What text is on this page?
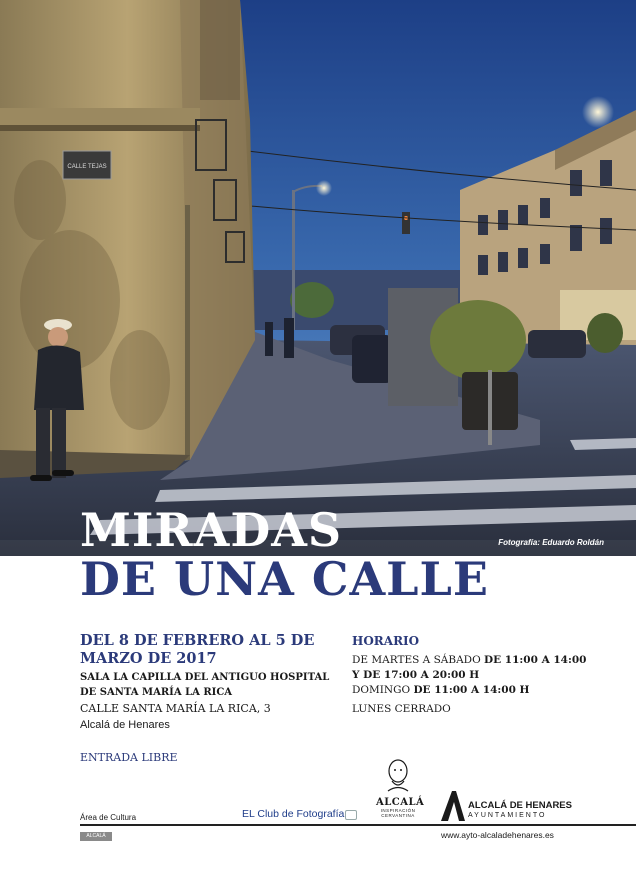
CALLE TEJAS
Fotografía: Eduardo Roldán
MIRADAS
DE UNA CALLE
DEL 8 DE FEBRERO AL 5 DE MARZO DE 2017
SALA LA CAPILLA DEL ANTIGUO HOSPITAL DE SANTA MARÍA LA RICA
CALLE SANTA MARÍA LA RICA, 3
Alcalá de Henares
ENTRADA LIBRE
HORARIO

DE MARTES A SÁBADO DE 11:00 A 14:00 Y DE 17:00 A 20:00 H

DOMINGO DE 11:00 A 14:00 H

LUNES CERRADO

Área de Cultura
ALCALÁ
EL Club de Fotografía
ALCALÁ
INSPIRACIÓN
CERVANTINA
ALCALÁ DE HENARES
AYUNTAMIENTO
www.ayto-alcaladehenares.es
